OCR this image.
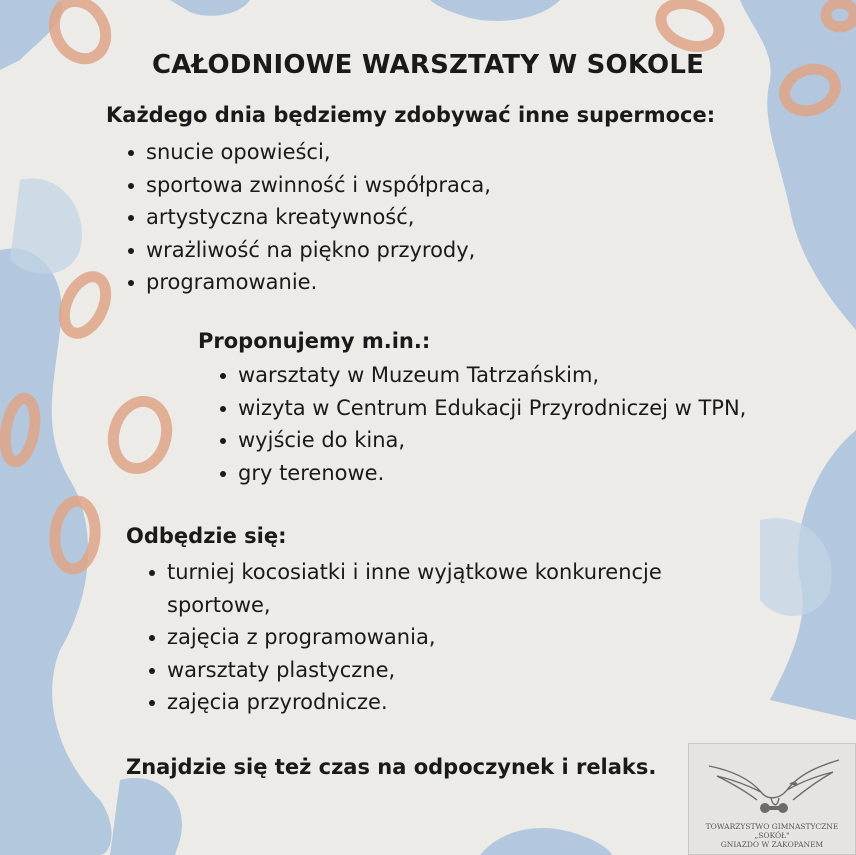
CAŁODNIOWE WARSZTATY W SOKOLE
Każdego dnia będziemy zdobywać inne supermoce:
snucie opowieści,
sportowa zwinność i współpraca,
artystyczna kreatywność,
wrażliwość na piękno przyrody,
programowanie.
Proponujemy m.in.:
warsztaty w Muzeum Tatrzańskim,
wizyta w Centrum Edukacji Przyrodniczej w TPN,
wyjście do kina,
gry terenowe.
Odbędzie się:
turniej kocosiatki i inne wyjątkowe konkurencje sportowe,
zajęcia z programowania,
warsztaty plastyczne,
zajęcia przyrodnicze.
Znajdzie się też czas na odpoczynek i relaks.
TOWARZYSTWO GIMNASTYCZNE
„SOKÓŁ"
GNIAZDO W ZAKOPANEM
